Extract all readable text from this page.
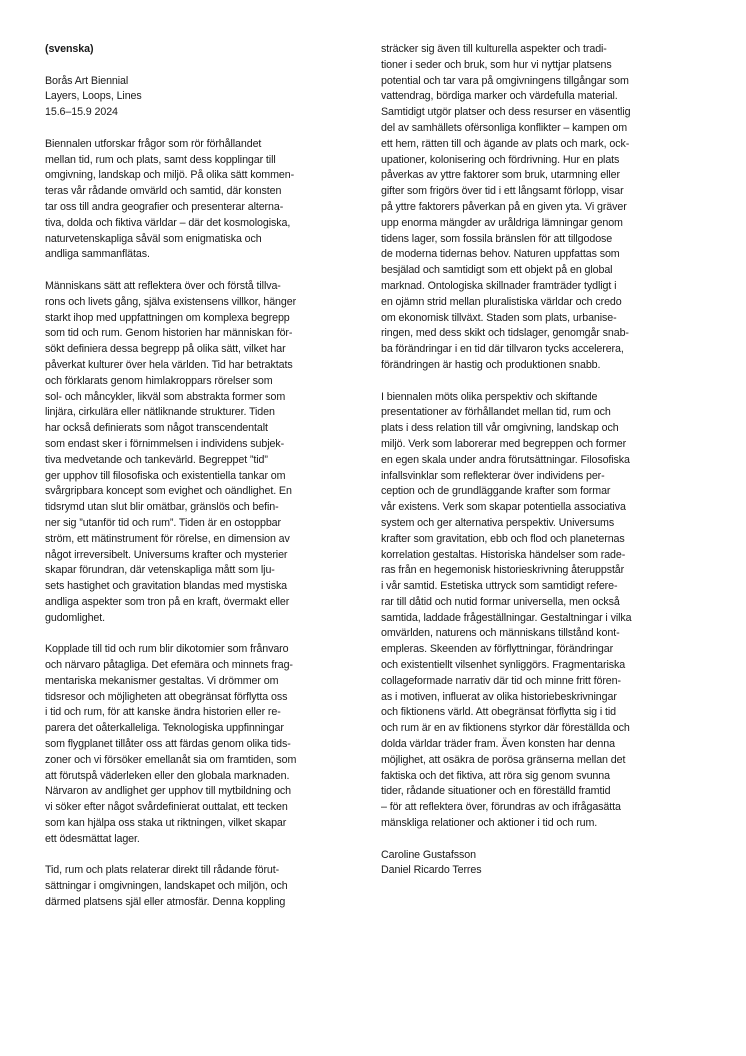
(svenska)
Borås Art Biennial
Layers, Loops, Lines
15.6–15.9 2024
Biennalen utforskar frågor som rör förhållandet
mellan tid, rum och plats, samt dess kopplingar till
omgivning, landskap och miljö. På olika sätt kommen-
teras vår rådande omvärld och samtid, där konsten
tar oss till andra geografier och presenterar alterna-
tiva, dolda och fiktiva världar – där det kosmologiska,
naturvetenskapliga såväl som enigmatiska och
andliga sammanflätas.
Människans sätt att reflektera över och förstå tillva-
rons och livets gång, själva existensens villkor, hänger
starkt ihop med uppfattningen om komplexa begrepp
som tid och rum. Genom historien har människan för-
sökt definiera dessa begrepp på olika sätt, vilket har
påverkat kulturer över hela världen. Tid har betraktats
och förklarats genom himlakroppars rörelser som
sol- och måncykler, likväl som abstrakta former som
linjära, cirkulära eller nätliknande strukturer. Tiden
har också definierats som något transcendentalt
som endast sker i förnimmelsen i individens subjek-
tiva medvetande och tankevärld. Begreppet ”tid”
ger upphov till filosofiska och existentiella tankar om
svårgripbara koncept som evighet och oändlighet. En
tidsrymd utan slut blir omätbar, gränslös och befin-
ner sig ”utanför tid och rum”. Tiden är en ostoppbar
ström, ett mätinstrument för rörelse, en dimension av
något irreversibelt. Universums krafter och mysterier
skapar förundran, där vetenskapliga mått som lju-
sets hastighet och gravitation blandas med mystiska
andliga aspekter som tron på en kraft, övermakt eller
gudomlighet.
Kopplade till tid och rum blir dikotomier som frånvaro
och närvaro påtagliga. Det efemära och minnets frag-
mentariska mekanismer gestaltas. Vi drömmer om
tidsresor och möjligheten att obegränsat förflytta oss
i tid och rum, för att kanske ändra historien eller re-
parera det oåterkalleliga. Teknologiska uppfinningar
som flygplanet tillåter oss att färdas genom olika tids-
zoner och vi försöker emellanåt sia om framtiden, som
att förutspå väderleken eller den globala marknaden.
Närvaron av andlighet ger upphov till mytbildning och
vi söker efter något svårdefinierat outtalat, ett tecken
som kan hjälpa oss staka ut riktningen, vilket skapar
ett ödesmättat lager.
Tid, rum och plats relaterar direkt till rådande förut-
sättningar i omgivningen, landskapet och miljön, och
därmed platsens själ eller atmosfär. Denna koppling
sträcker sig även till kulturella aspekter och tradi-
tioner i seder och bruk, som hur vi nyttjar platsens
potential och tar vara på omgivningens tillgångar som
vattendrag, bördiga marker och värdefulla material.
Samtidigt utgör platser och dess resurser en väsentlig
del av samhällets ofërsonliga konflikter – kampen om
ett hem, rätten till och ägande av plats och mark, ock-
upationer, kolonisering och fördrivning. Hur en plats
påverkas av yttre faktorer som bruk, utarmning eller
gifter som frigörs över tid i ett långsamt förlopp, visar
på yttre faktorers påverkan på en given yta. Vi gräver
upp enorma mängder av uråldriga lämningar genom
tidens lager, som fossila bränslen för att tillgodose
de moderna tidernas behov. Naturen uppfattas som
besjälad och samtidigt som ett objekt på en global
marknad. Ontologiska skillnader framträder tydligt i
en ojämn strid mellan pluralistiska världar och credo
om ekonomisk tillväxt. Staden som plats, urbanise-
ringen, med dess skikt och tidslager, genomgår snab-
ba förändringar i en tid där tillvaron tycks accelerera,
förändringen är hastig och produktionen snabb.
I biennalen möts olika perspektiv och skiftande
presentationer av förhållandet mellan tid, rum och
plats i dess relation till vår omgivning, landskap och
miljö. Verk som laborerar med begreppen och former
en egen skala under andra förutsättningar. Filosofiska
infallsvinklar som reflekterar över individens per-
ception och de grundläggande krafter som formar
vår existens. Verk som skapar potentiella associativa
system och ger alternativa perspektiv. Universums
krafter som gravitation, ebb och flod och planeternas
korrelation gestaltas. Historiska händelser som rade-
ras från en hegemonisk historieskrivning återuppstår
i vår samtid. Estetiska uttryck som samtidigt refere-
rar till dåtid och nutid formar universella, men också
samtida, laddade frågeställningar. Gestaltningar i vilka
omvärlden, naturens och människans tillstånd kont-
empleras. Skeenden av förflyttningar, förändringar
och existentiellt vilsenhet synliggörs. Fragmentariska
collageformade narrativ där tid och minne fritt fören-
as i motiven, influerat av olika historiebeskrivningar
och fiktionens värld. Att obegränsat förflytta sig i tid
och rum är en av fiktionens styrkor där föreställda och
dolda världar träder fram. Även konsten har denna
möjlighet, att osäkra de porösa gränserna mellan det
faktiska och det fiktiva, att röra sig genom svunna
tider, rådande situationer och en föreställd framtid
– för att reflektera över, förundras av och ifrågasätta
mänskliga relationer och aktioner i tid och rum.
Caroline Gustafsson
Daniel Ricardo Terres
